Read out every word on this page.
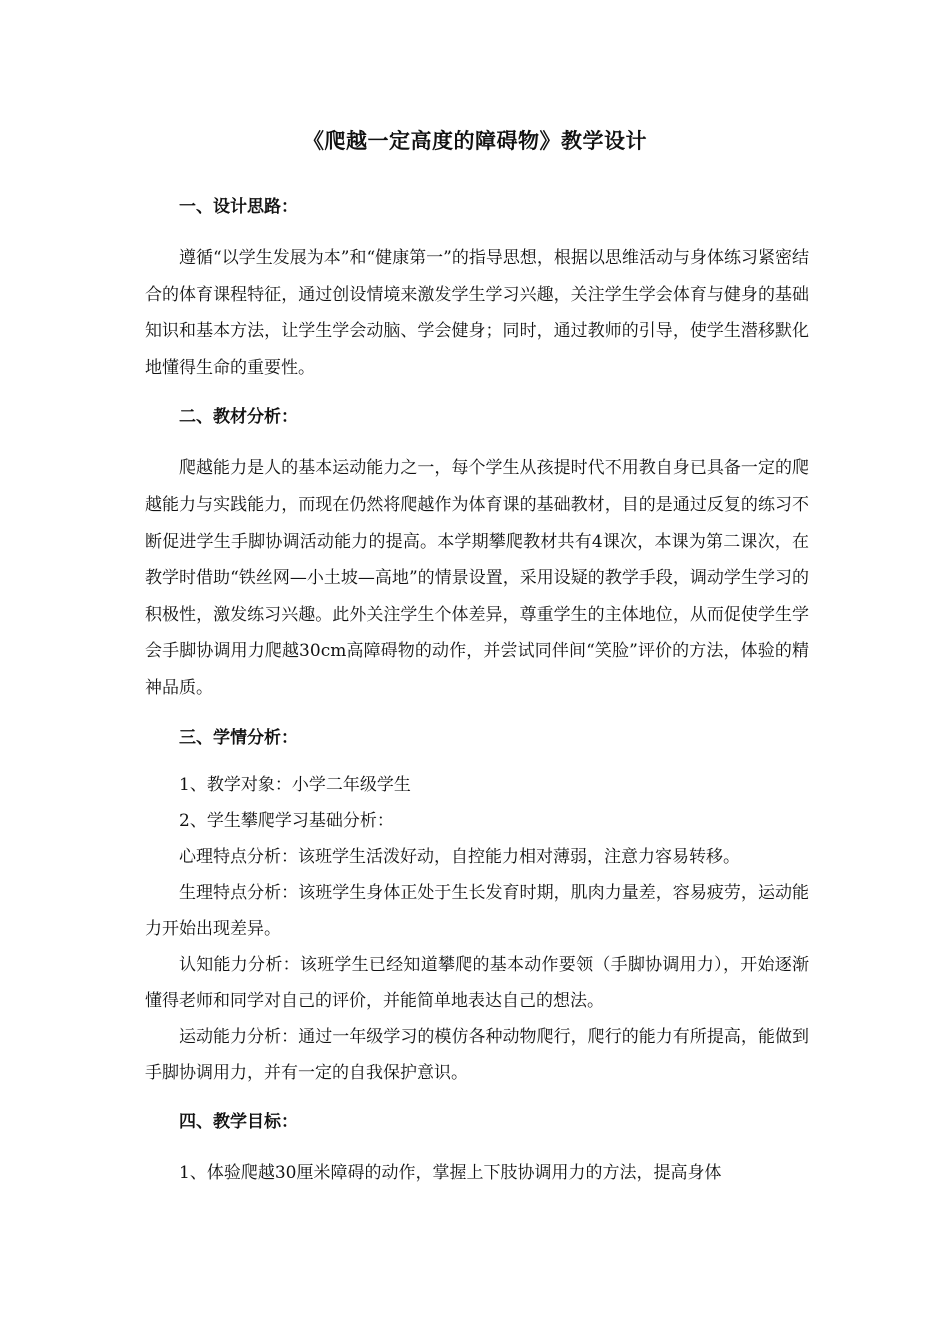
《爬越一定高度的障碍物》教学设计

一、设计思路：

遵循“以学生发展为本”和“健康第一”的指导思想，根据以思维活动与身体练习紧密结合的体育课程特征，通过创设情境来激发学生学习兴趣，关注学生学会体育与健身的基础知识和基本方法，让学生学会动脑、学会健身；同时，通过教师的引导，使学生潜移默化地懂得生命的重要性。

二、教材分析：

爬越能力是人的基本运动能力之一，每个学生从孩提时代不用教自身已具备一定的爬越能力与实践能力，而现在仍然将爬越作为体育课的基础教材，目的是通过反复的练习不断促进学生手脚协调活动能力的提高。本学期攀爬教材共有4课次，本课为第二课次，在教学时借助“铁丝网—小土坡—高地”的情景设置，采用设疑的教学手段，调动学生学习的积极性，激发练习兴趣。此外关注学生个体差异，尊重学生的主体地位，从而促使学生学会手脚协调用力爬越30cm高障碍物的动作，并尝试同伴间“笑脸”评价的方法，体验的精神品质。

三、学情分析：

1、教学对象：小学二年级学生

2、学生攀爬学习基础分析：

心理特点分析：该班学生活泼好动，自控能力相对薄弱，注意力容易转移。

生理特点分析：该班学生身体正处于生长发育时期，肌肉力量差，容易疲劳，运动能力开始出现差异。

认知能力分析：该班学生已经知道攀爬的基本动作要领（手脚协调用力），开始逐渐懂得老师和同学对自己的评价，并能简单地表达自己的想法。

运动能力分析：通过一年级学习的模仿各种动物爬行，爬行的能力有所提高，能做到手脚协调用力，并有一定的自我保护意识。

四、教学目标：

1、体验爬越30厘米障碍的动作，掌握上下肢协调用力的方法，提高身体
